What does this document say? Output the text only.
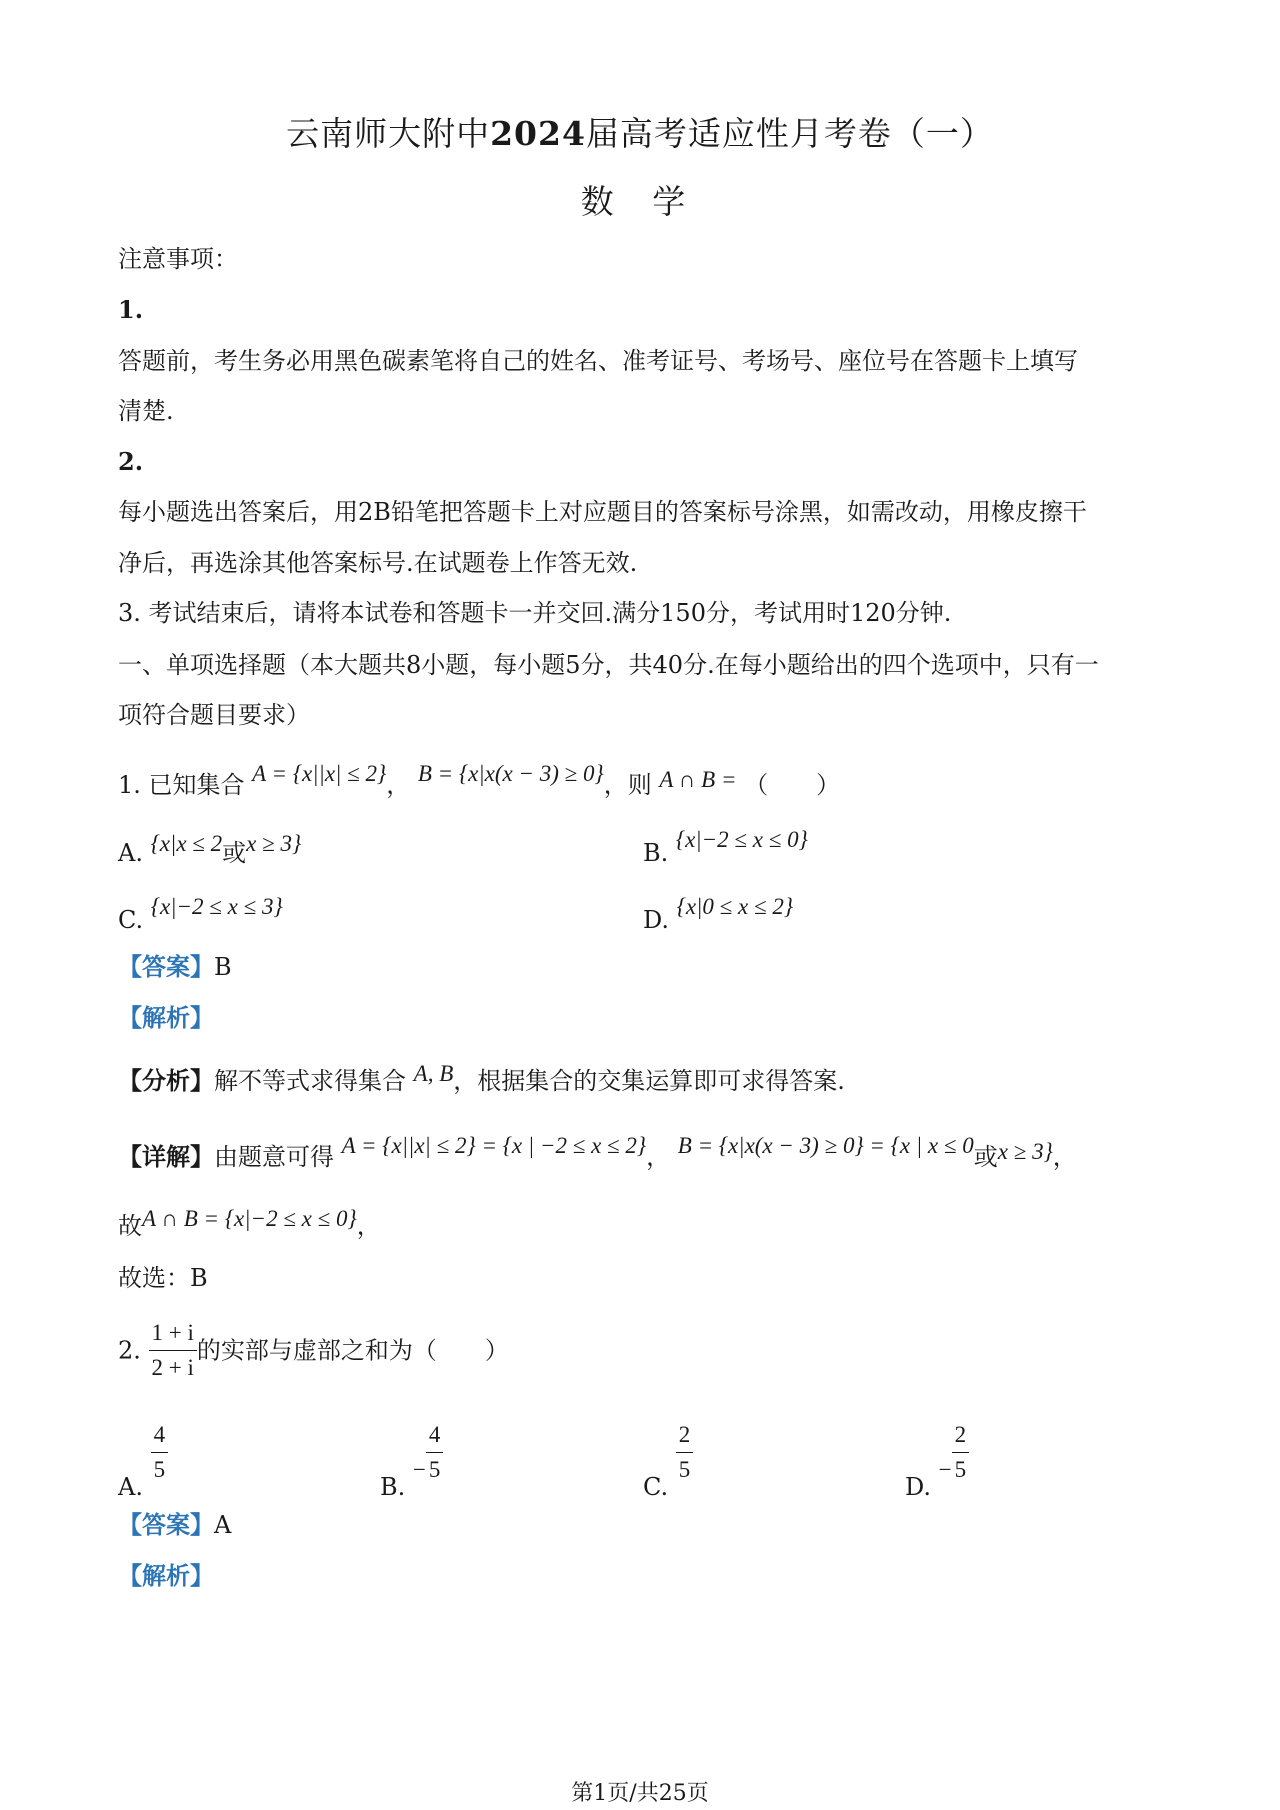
云南师大附中2024届高考适应性月考卷（一）
数 学
注意事项：
1.
答题前，考生务必用黑色碳素笔将自己的姓名、准考证号、考场号、座位号在答题卡上填写
清楚.
2.
每小题选出答案后，用2B铅笔把答题卡上对应题目的答案标号涂黑，如需改动，用橡皮擦干
净后，再选涂其他答案标号.在试题卷上作答无效.
3. 考试结束后，请将本试卷和答题卡一并交回.满分150分，考试用时120分钟.
一、单项选择题（本大题共8小题，每小题5分，共40分.在每小题给出的四个选项中，只有一
项符合题目要求）
1. 已知集合 A = {x||x| ≤ 2}， B = {x|x(x − 3) ≥ 0}，则 A ∩ B = （　　）
A. {x|x ≤ 2或x ≥ 3}	B. {x|−2 ≤ x ≤ 0}
C. {x|−2 ≤ x ≤ 3}	D. {x|0 ≤ x ≤ 2}
【答案】B
【解析】
【分析】解不等式求得集合 A, B，根据集合的交集运算即可求得答案.
【详解】由题意可得 A = {x||x| ≤ 2} = {x | −2 ≤ x ≤ 2}， B = {x|x(x − 3) ≥ 0} = {x | x ≤ 0或x ≥ 3}，
故A ∩ B = {x|−2 ≤ x ≤ 0}，
故选：B
2. $\frac{1 + i}{2 + i}$ 的实部与虚部之和为（　　）
A.
$\frac{4}{5}$
B. − $\frac{4}{5}$
C.
$\frac{2}{5}$
D. − $\frac{2}{5}$
【答案】A
【解析】
第1页/共25页
